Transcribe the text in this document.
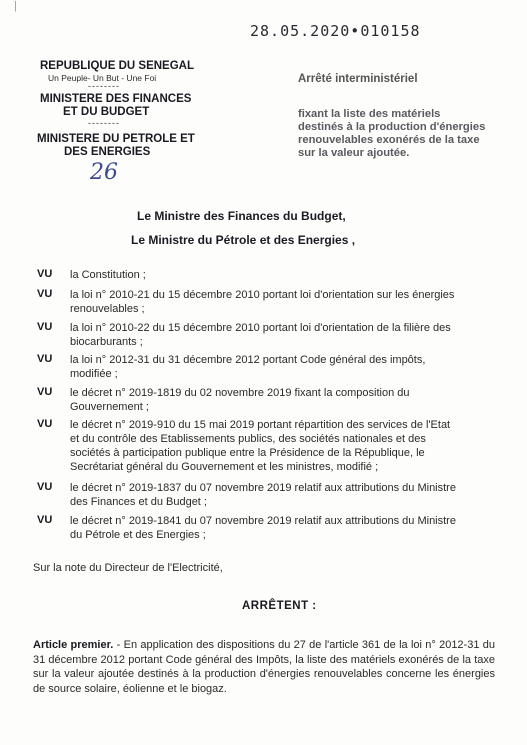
|
28.05.2020•010158
REPUBLIQUE DU SENEGAL
Un Peuple- Un But - Une Foi
--------
MINISTERE DES FINANCES
ET DU BUDGET
--------
MINISTERE DU PETROLE ET
DES ENERGIES
26
Arrêté interministériel
fixant la liste des matériels
destinés à la production d'énergies
renouvelables exonérés de la taxe
sur la valeur ajoutée.
Le Ministre des Finances du Budget,
Le Ministre du Pétrole et des Energies ,
VU la Constitution ;
VU la loi n° 2010-21 du 15 décembre 2010 portant loi d'orientation sur les énergies
renouvelables ;
VU la loi n° 2010-22 du 15 décembre 2010 portant loi d'orientation de la filière des
biocarburants ;
VU la loi n° 2012-31 du 31 décembre 2012 portant Code général des impôts,
modifiée ;
VU le décret n° 2019-1819 du 02 novembre 2019 fixant la composition du
Gouvernement ;
VU le décret n° 2019-910 du 15 mai 2019 portant répartition des services de l'Etat
et du contrôle des Etablissements publics, des sociétés nationales et des
sociétés à participation publique entre la Présidence de la République, le
Secrétariat général du Gouvernement et les ministres, modifié ;
VU le décret n° 2019-1837 du 07 novembre 2019 relatif aux attributions du Ministre
des Finances et du Budget ;
VU le décret n° 2019-1841 du 07 novembre 2019 relatif aux attributions du Ministre
du Pétrole et des Energies ;
Sur la note du Directeur de l'Electricité,
ARRÊTENT :
Article premier. - En application des dispositions du 27 de l'article 361 de la loi n° 2012-31 du 31 décembre 2012 portant Code général des Impôts, la liste des matériels exonérés de la taxe sur la valeur ajoutée destinés à la production d'énergies renouvelables concerne les énergies de source solaire, éolienne et le biogaz.
